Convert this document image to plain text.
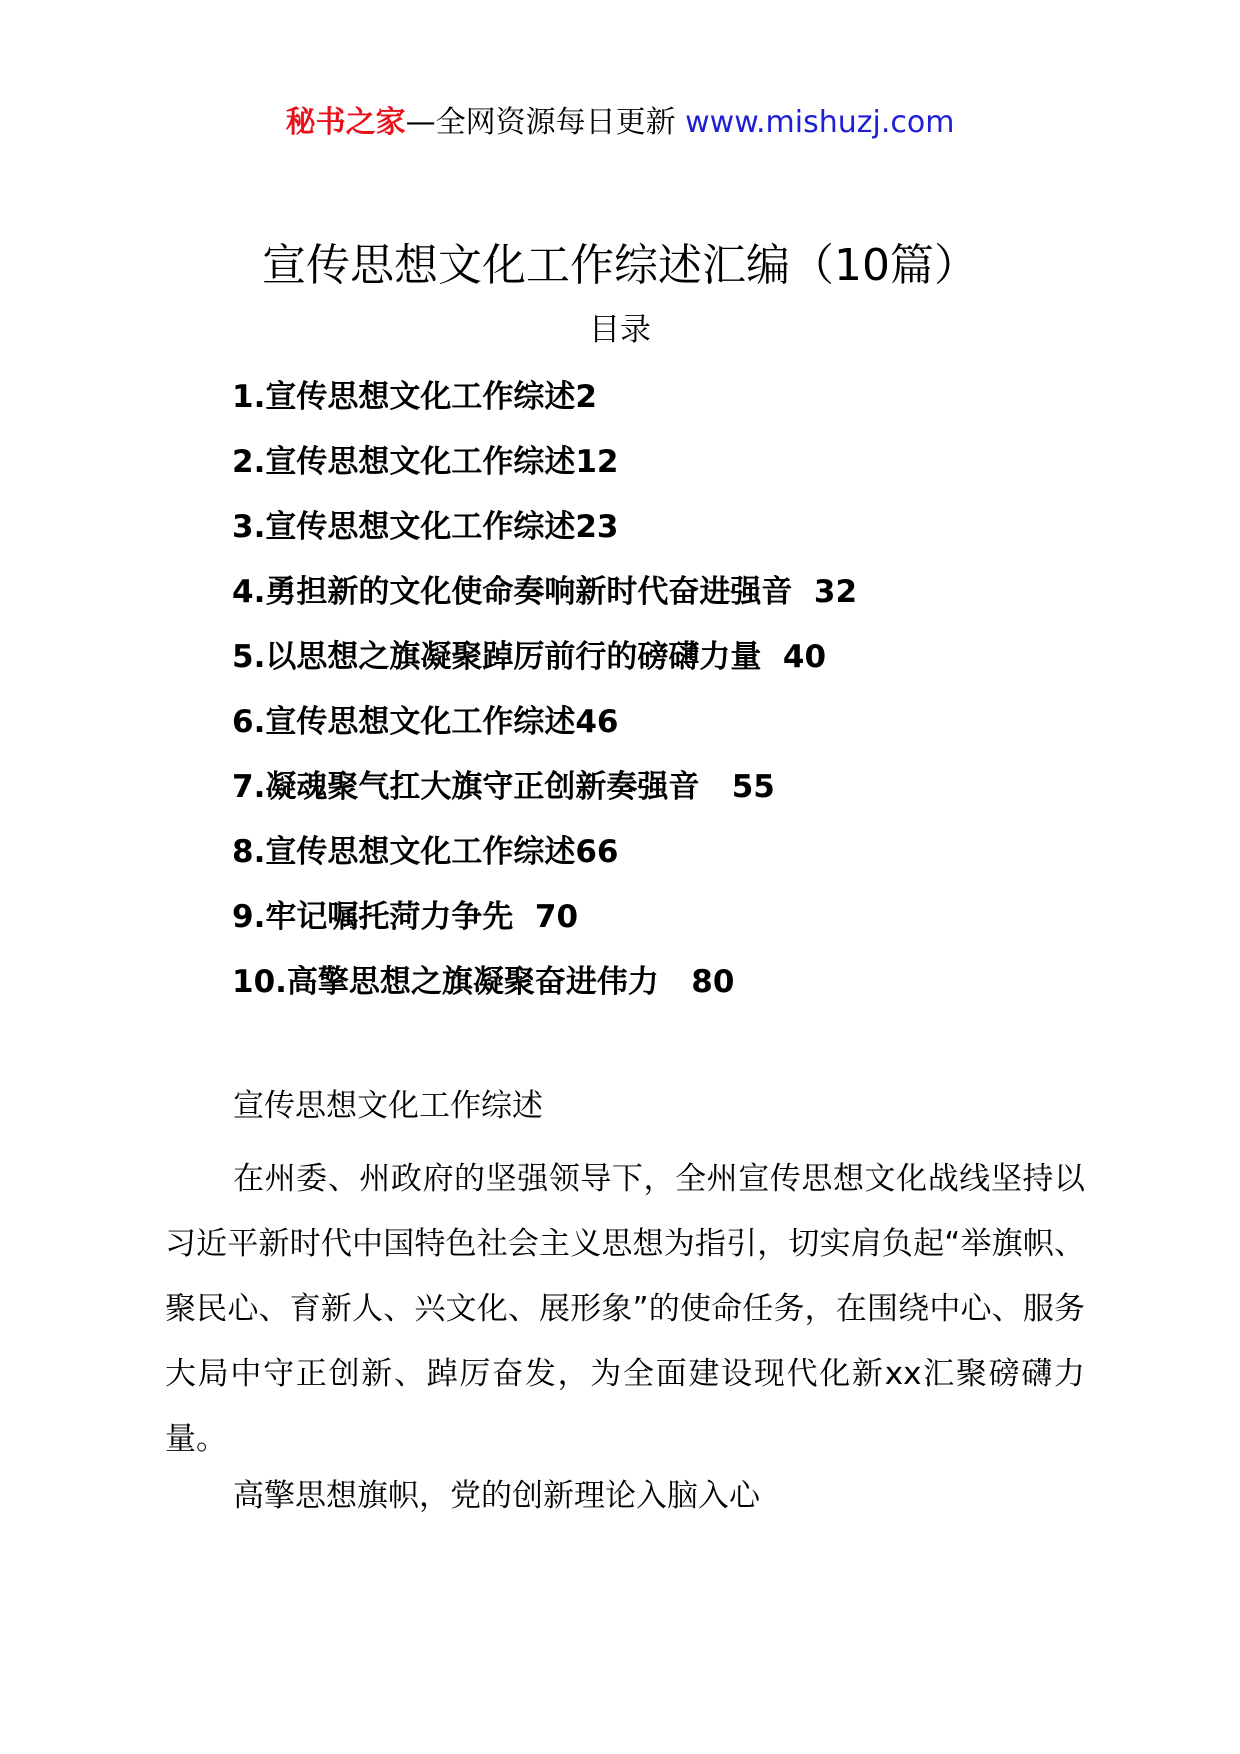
秘书之家—全网资源每日更新 www.mishuzj.com
宣传思想文化工作综述汇编（10篇）
目录
1.宣传思想文化工作综述2
2.宣传思想文化工作综述12
3.宣传思想文化工作综述23
4.勇担新的文化使命奏响新时代奋进强音  32
5.以思想之旗凝聚踔厉前行的磅礴力量  40
6.宣传思想文化工作综述46
7.凝魂聚气扛大旗守正创新奏强音   55
8.宣传思想文化工作综述66
9.牢记嘱托菏力争先  70
10.高擎思想之旗凝聚奋进伟力   80

宣传思想文化工作综述

在州委、州政府的坚强领导下，全州宣传思想文化战线坚持以习近平新时代中国特色社会主义思想为指引，切实肩负起“举旗帜、聚民心、育新人、兴文化、展形象”的使命任务，在围绕中心、服务大局中守正创新、踔厉奋发，为全面建设现代化新xx汇聚磅礴力量。

高擎思想旗帜，党的创新理论入脑入心
